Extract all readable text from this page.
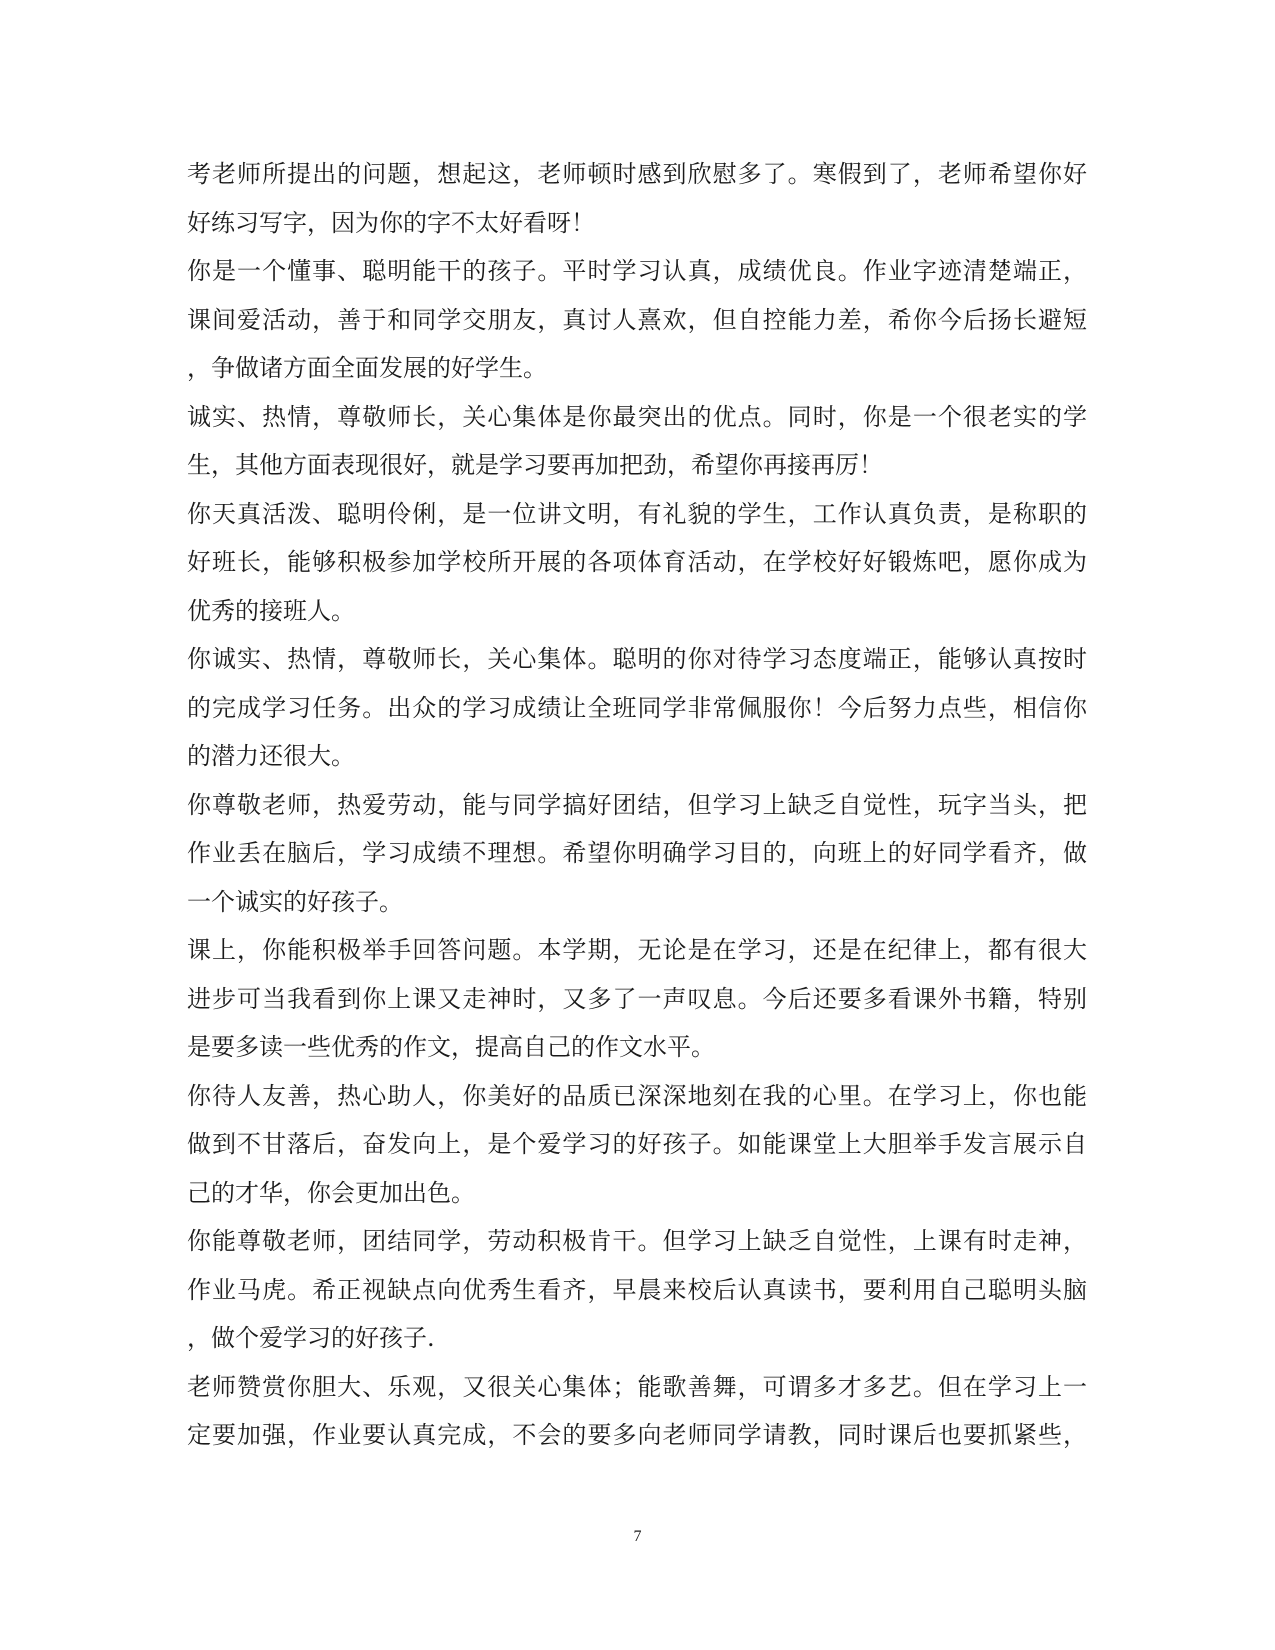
考老师所提出的问题，想起这，老师顿时感到欣慰多了。寒假到了，老师希望你好
好练习写字，因为你的字不太好看呀！
你是一个懂事、聪明能干的孩子。平时学习认真，成绩优良。作业字迹清楚端正，
课间爱活动，善于和同学交朋友，真讨人熹欢，但自控能力差，希你今后扬长避短
，争做诸方面全面发展的好学生。
诚实、热情，尊敬师长，关心集体是你最突出的优点。同时，你是一个很老实的学
生，其他方面表现很好，就是学习要再加把劲，希望你再接再厉！
你天真活泼、聪明伶俐，是一位讲文明，有礼貌的学生，工作认真负责，是称职的
好班长，能够积极参加学校所开展的各项体育活动，在学校好好锻炼吧，愿你成为
优秀的接班人。
你诚实、热情，尊敬师长，关心集体。聪明的你对待学习态度端正，能够认真按时
的完成学习任务。出众的学习成绩让全班同学非常佩服你！今后努力点些，相信你
的潜力还很大。
你尊敬老师，热爱劳动，能与同学搞好团结，但学习上缺乏自觉性，玩字当头，把
作业丢在脑后，学习成绩不理想。希望你明确学习目的，向班上的好同学看齐，做
一个诚实的好孩子。
课上，你能积极举手回答问题。本学期，无论是在学习，还是在纪律上，都有很大
进步可当我看到你上课又走神时，又多了一声叹息。今后还要多看课外书籍，特别
是要多读一些优秀的作文，提高自己的作文水平。
你待人友善，热心助人，你美好的品质已深深地刻在我的心里。在学习上，你也能
做到不甘落后，奋发向上，是个爱学习的好孩子。如能课堂上大胆举手发言展示自
己的才华，你会更加出色。
你能尊敬老师，团结同学，劳动积极肯干。但学习上缺乏自觉性，上课有时走神，
作业马虎。希正视缺点向优秀生看齐，早晨来校后认真读书，要利用自己聪明头脑
，做个爱学习的好孩子.
老师赞赏你胆大、乐观，又很关心集体；能歌善舞，可谓多才多艺。但在学习上一
定要加强，作业要认真完成，不会的要多向老师同学请教，同时课后也要抓紧些，
7
